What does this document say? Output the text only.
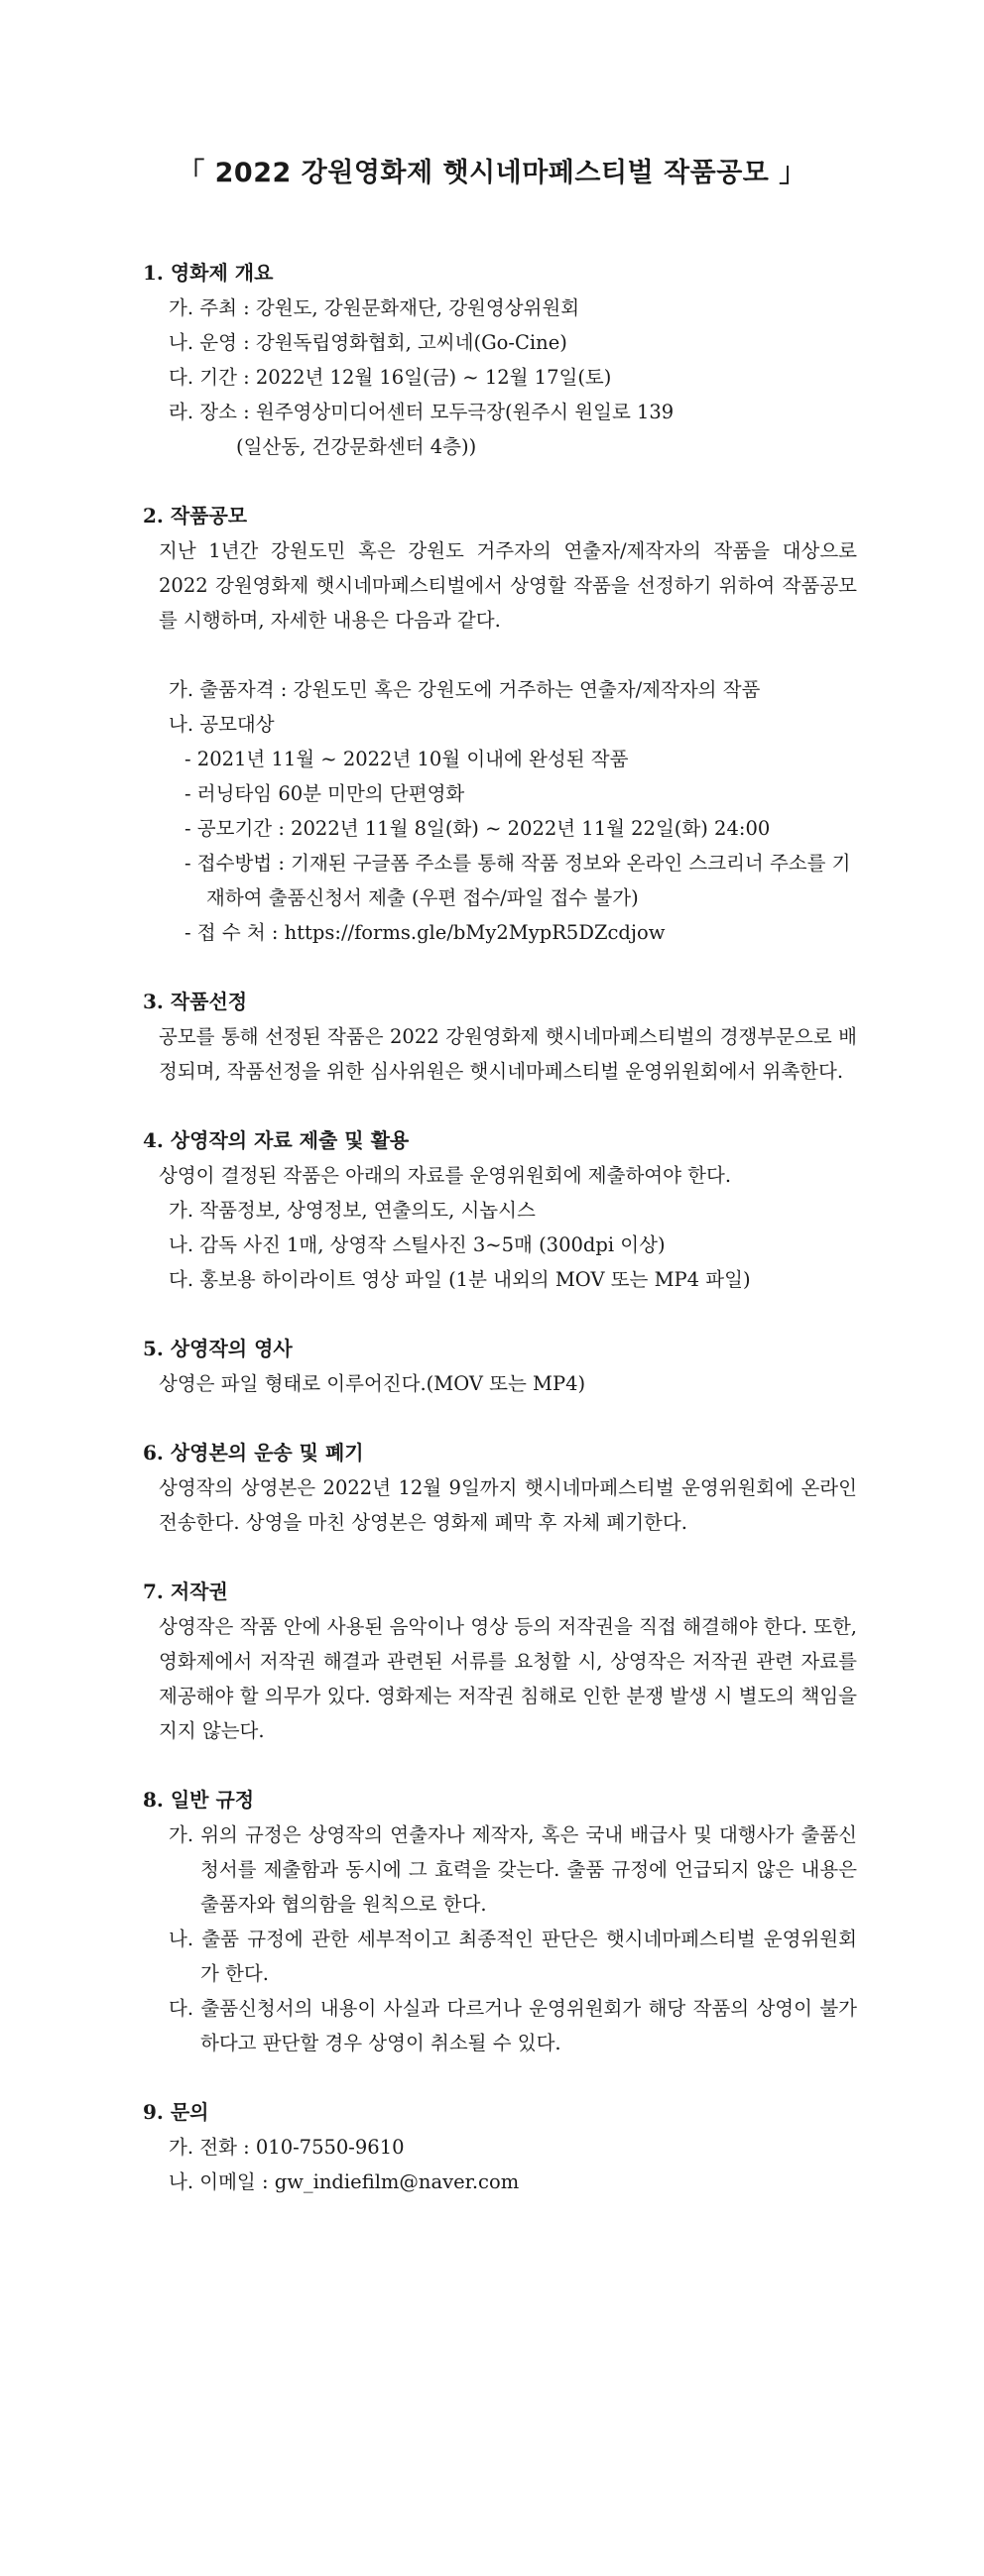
「 2022 강원영화제 햇시네마페스티벌 작품공모 」
1. 영화제 개요
가. 주최 : 강원도, 강원문화재단, 강원영상위원회
나. 운영 : 강원독립영화협회, 고씨네(Go-Cine)
다. 기간 : 2022년 12월 16일(금) ~ 12월 17일(토)
라. 장소 : 원주영상미디어센터 모두극장(원주시 원일로 139
(일산동, 건강문화센터 4층))
2. 작품공모
지난 1년간 강원도민 혹은 강원도 거주자의 연출자/제작자의 작품을 대상으로 2022 강원영화제 햇시네마페스티벌에서 상영할 작품을 선정하기 위하여 작품공모를 시행하며, 자세한 내용은 다음과 같다.
가. 출품자격 : 강원도민 혹은 강원도에 거주하는 연출자/제작자의 작품
나. 공모대상
- 2021년 11월 ~ 2022년 10월 이내에 완성된 작품
- 러닝타임 60분 미만의 단편영화
- 공모기간 : 2022년 11월 8일(화) ~ 2022년 11월 22일(화) 24:00
- 접수방법 : 기재된 구글폼 주소를 통해 작품 정보와 온라인 스크리너 주소를 기재하여 출품신청서 제출 (우편 접수/파일 접수 불가)
- 접 수 처 : https://forms.gle/bMy2MypR5DZcdjow
3. 작품선정
공모를 통해 선정된 작품은 2022 강원영화제 햇시네마페스티벌의 경쟁부문으로 배정되며, 작품선정을 위한 심사위원은 햇시네마페스티벌 운영위원회에서 위촉한다.
4. 상영작의 자료 제출 및 활용
상영이 결정된 작품은 아래의 자료를 운영위원회에 제출하여야 한다.
가. 작품정보, 상영정보, 연출의도, 시놉시스
나. 감독 사진 1매, 상영작 스틸사진 3~5매 (300dpi 이상)
다. 홍보용 하이라이트 영상 파일 (1분 내외의 MOV 또는 MP4 파일)
5. 상영작의 영사
상영은 파일 형태로 이루어진다.(MOV 또는 MP4)
6. 상영본의 운송 및 폐기
상영작의 상영본은 2022년 12월 9일까지 햇시네마페스티벌 운영위원회에 온라인 전송한다. 상영을 마친 상영본은 영화제 폐막 후 자체 폐기한다.
7. 저작권
상영작은 작품 안에 사용된 음악이나 영상 등의 저작권을 직접 해결해야 한다. 또한, 영화제에서 저작권 해결과 관련된 서류를 요청할 시, 상영작은 저작권 관련 자료를 제공해야 할 의무가 있다. 영화제는 저작권 침해로 인한 분쟁 발생 시 별도의 책임을 지지 않는다.
8. 일반 규정
가. 위의 규정은 상영작의 연출자나 제작자, 혹은 국내 배급사 및 대행사가 출품신청서를 제출함과 동시에 그 효력을 갖는다. 출품 규정에 언급되지 않은 내용은 출품자와 협의함을 원칙으로 한다.
나. 출품 규정에 관한 세부적이고 최종적인 판단은 햇시네마페스티벌 운영위원회가 한다.
다. 출품신청서의 내용이 사실과 다르거나 운영위원회가 해당 작품의 상영이 불가하다고 판단할 경우 상영이 취소될 수 있다.
9. 문의
가. 전화 : 010-7550-9610
나. 이메일 : gw_indiefilm@naver.com
